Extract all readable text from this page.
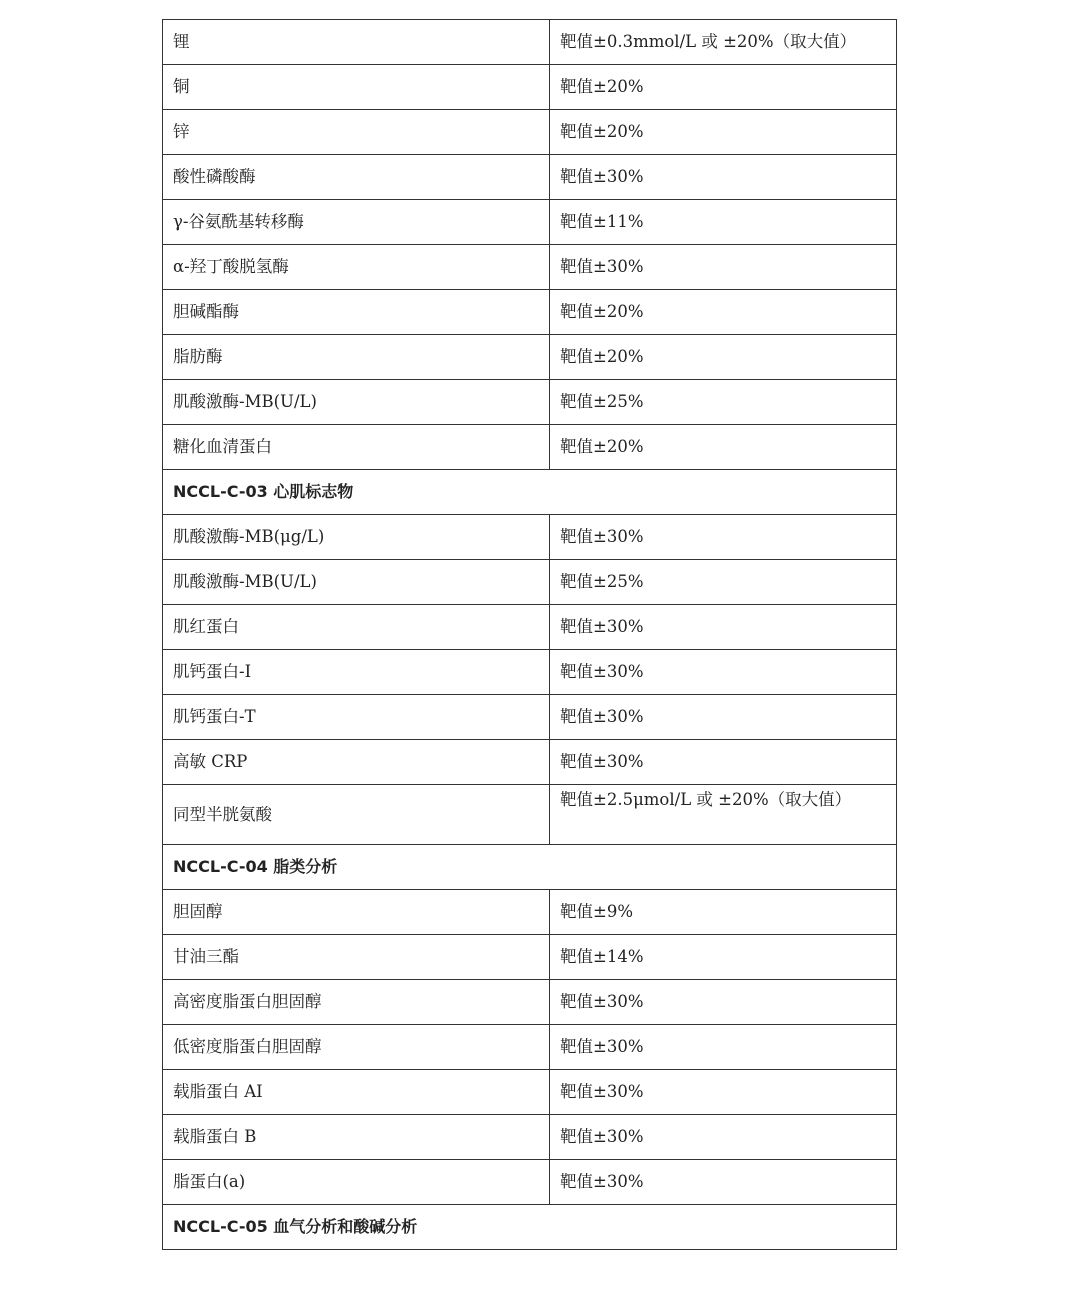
锂	靶值±0.3mmol/L 或 ±20%（取大值）
铜	靶值±20%
锌	靶值±20%
酸性磷酸酶	靶值±30%
γ-谷氨酰基转移酶	靶值±11%
α-羟丁酸脱氢酶	靶值±30%
胆碱酯酶	靶值±20%
脂肪酶	靶值±20%
肌酸激酶-MB(U/L)	靶值±25%
糖化血清蛋白	靶值±20%
NCCL-C-03 心肌标志物	
肌酸激酶-MB(μg/L)	靶值±30%
肌酸激酶-MB(U/L)	靶值±25%
肌红蛋白	靶值±30%
肌钙蛋白-I	靶值±30%
肌钙蛋白-T	靶值±30%
高敏 CRP	靶值±30%
同型半胱氨酸	靶值±2.5μmol/L 或 ±20%（取大值）
NCCL-C-04 脂类分析	
胆固醇	靶值±9%
甘油三酯	靶值±14%
高密度脂蛋白胆固醇	靶值±30%
低密度脂蛋白胆固醇	靶值±30%
载脂蛋白 AⅠ	靶值±30%
载脂蛋白 B	靶值±30%
脂蛋白(a)	靶值±30%
NCCL-C-05 血气分析和酸碱分析	
